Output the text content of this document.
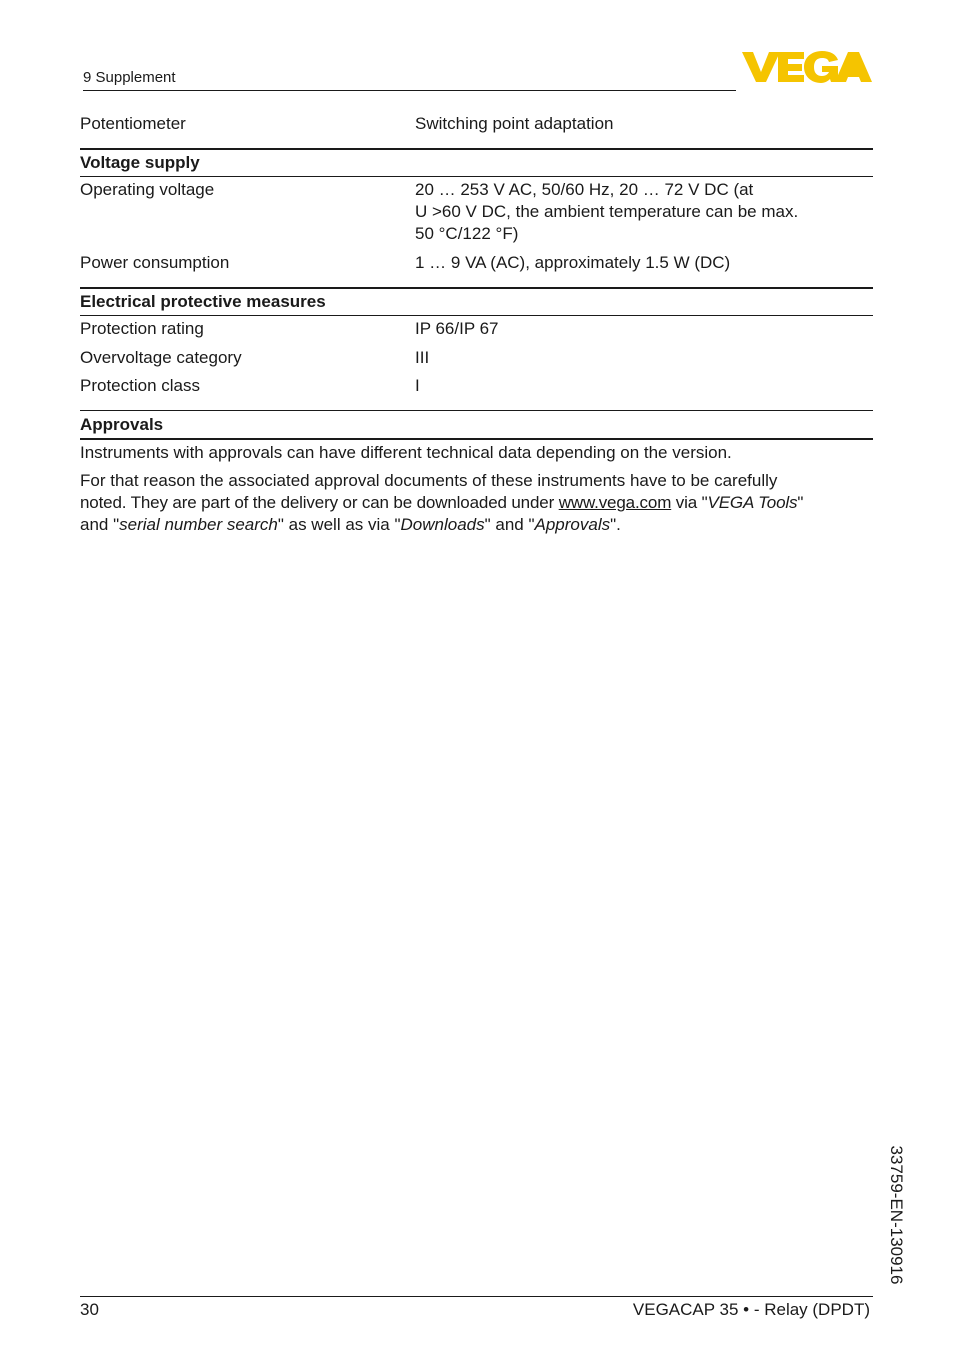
9 Supplement
Potentiometer	Switching point adaptation
Voltage supply
Operating voltage	20 … 253 V AC, 50/60 Hz, 20 … 72 V DC (at
U >60 V DC, the ambient temperature can be max.
50 °C/122 °F)
Power consumption	1 … 9 VA (AC), approximately 1.5 W (DC)
Electrical protective measures
Protection rating	IP 66/IP 67
Overvoltage category	III
Protection class	I
Approvals
Instruments with approvals can have different technical data depending on the version.
For that reason the associated approval documents of these instruments have to be carefully
noted. They are part of the delivery or can be downloaded under www.vega.com via "VEGA Tools"
and "serial number search" as well as via "Downloads" and "Approvals".
33759-EN-130916
30	VEGACAP 35 • - Relay (DPDT)
